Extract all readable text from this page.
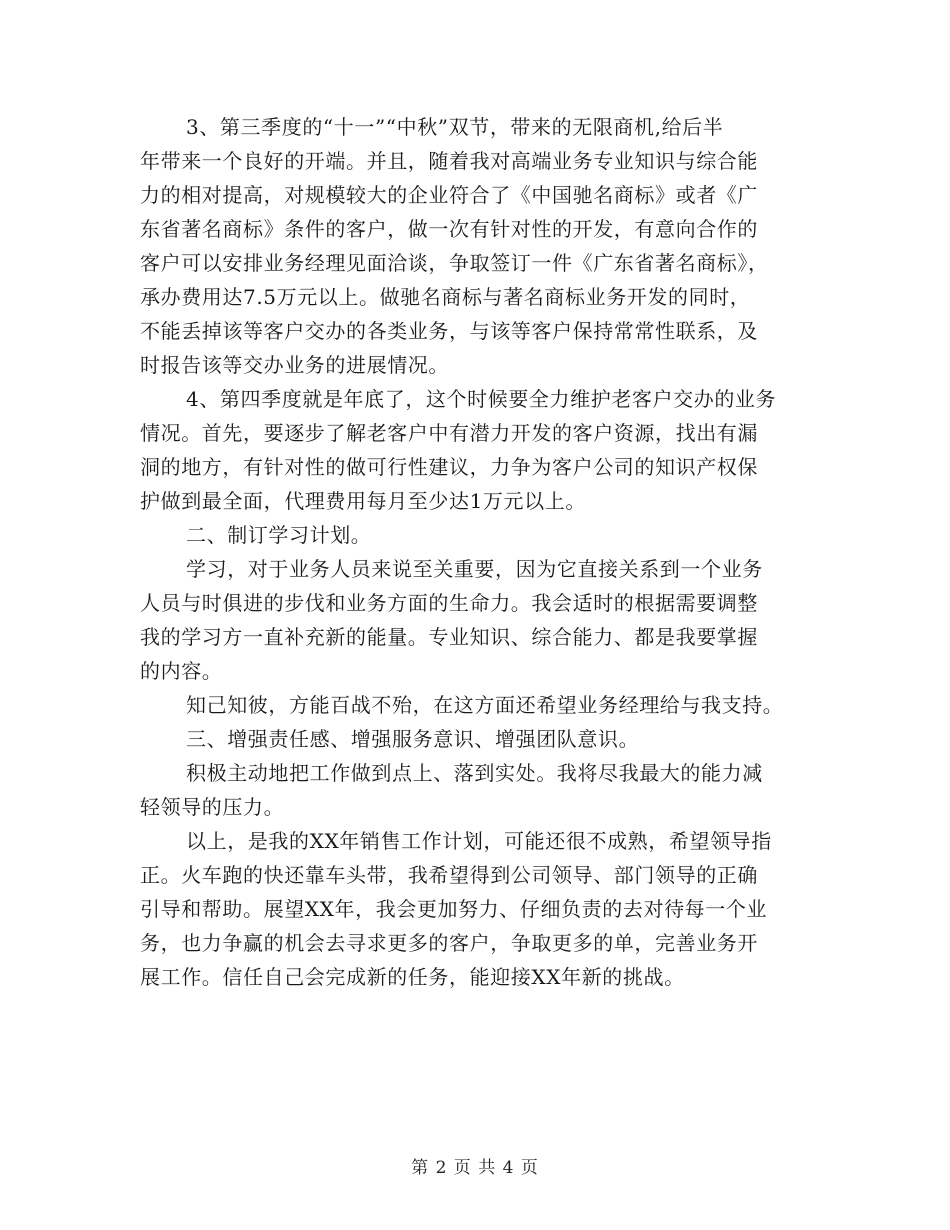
3、第三季度的“十一”“中秋”双节，带来的无限商机,给后半
年带来一个良好的开端。并且，随着我对高端业务专业知识与综合能
力的相对提高，对规模较大的企业符合了《中国驰名商标》或者《广
东省著名商标》条件的客户，做一次有针对性的开发，有意向合作的
客户可以安排业务经理见面洽谈，争取签订一件《广东省著名商标》，
承办费用达7.5万元以上。做驰名商标与著名商标业务开发的同时，
不能丢掉该等客户交办的各类业务，与该等客户保持常常性联系，及
时报告该等交办业务的进展情况。
4、第四季度就是年底了，这个时候要全力维护老客户交办的业务
情况。首先，要逐步了解老客户中有潜力开发的客户资源，找出有漏
洞的地方，有针对性的做可行性建议，力争为客户公司的知识产权保
护做到最全面，代理费用每月至少达1万元以上。
二、制订学习计划。
学习，对于业务人员来说至关重要，因为它直接关系到一个业务
人员与时俱进的步伐和业务方面的生命力。我会适时的根据需要调整
我的学习方一直补充新的能量。专业知识、综合能力、都是我要掌握
的内容。
知己知彼，方能百战不殆，在这方面还希望业务经理给与我支持。
三、增强责任感、增强服务意识、增强团队意识。
积极主动地把工作做到点上、落到实处。我将尽我最大的能力减
轻领导的压力。
以上，是我的XX年销售工作计划，可能还很不成熟，希望领导指
正。火车跑的快还靠车头带，我希望得到公司领导、部门领导的正确
引导和帮助。展望XX年，我会更加努力、仔细负责的去对待每一个业
务，也力争赢的机会去寻求更多的客户，争取更多的单，完善业务开
展工作。信任自己会完成新的任务，能迎接XX年新的挑战。
第 2 页 共 4 页
